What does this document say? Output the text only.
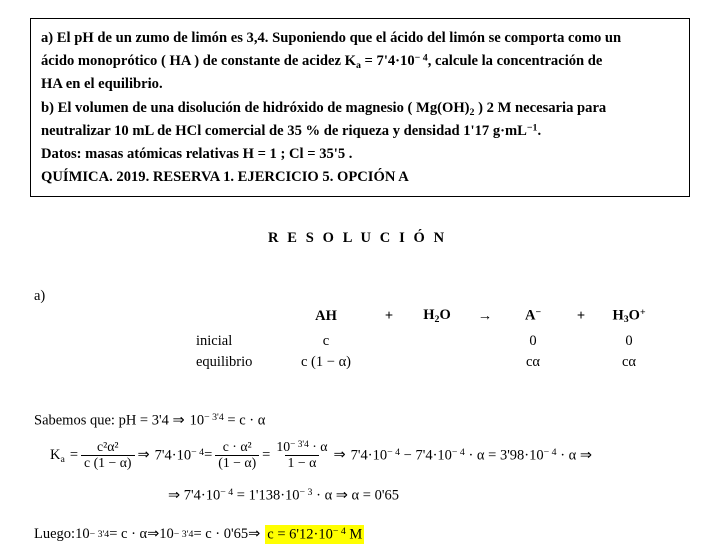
a) El pH de un zumo de limón es 3,4. Suponiendo que el ácido del limón se comporta como un
ácido monoprótico ( HA ) de constante de acidez $K_a = 7'4\cdot 10^{- 4}$, calcule la concentración de
HA en el equilibrio.
b) El volumen de una disolución de hidróxido de magnesio ( $Mg(OH)_2$ ) 2 M necesaria para
neutralizar 10 mL de HCl comercial de 35 % de riqueza y densidad 1'17 $g\cdot mL^{-1}$.
Datos: masas atómicas relativas H = 1 ; Cl = 35'5 .
QUÍMICA. 2019. RESERVA 1. EJERCICIO 5. OPCIÓN A
R E S O L U C I Ó N
a)
	AH	+	$H_2O$	→	A−	+	$H_3O^+$
inicial	c				0		0
equilibrio	c (1 − α)				cα		cα
Sabemos que: pH = 3'4 ⇒ $10^{- 3'4} = c \cdot \alpha$
$K_a = \frac{\text{c²α²}}{c (1 - \alpha)}$ ⇒ $7'4\cdot 10^{- 4} = \frac{\text{c · α²}}{(1 - \alpha)} = \frac{10^{- 3'4} \cdot \alpha}{1 - \alpha}$ ⇒ $7'4\cdot 10^{- 4} - 7'4\cdot 10^{- 4} \cdot \alpha = 3'98\cdot 10^{- 4} \cdot \alpha$ ⇒
⇒ $7'4\cdot 10^{- 4} = 1'138\cdot 10^{- 3} \cdot \alpha$ ⇒ α = 0'65
Luego: 10 − 3'4 = c · α ⇒ 10 − 3'4 = c · 0'65 ⇒ $c = 6'12\cdot 10^{- 4}$ M
